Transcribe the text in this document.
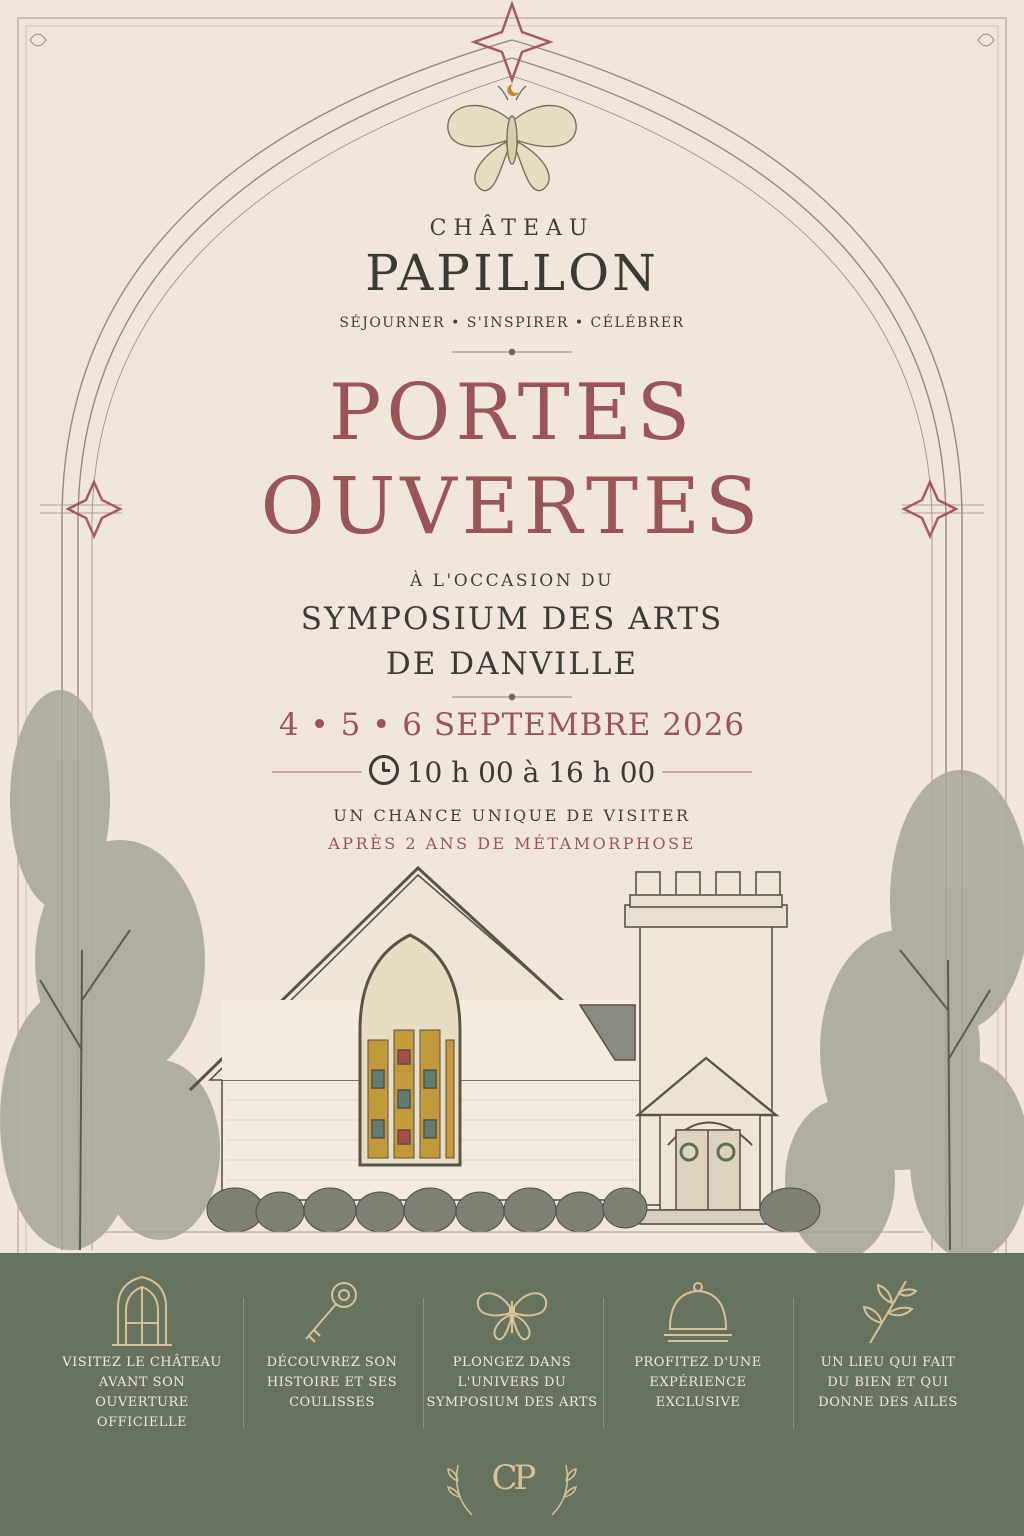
CHÂTEAU
PAPILLON
SÉJOURNER • S'INSPIRER • CÉLÉBRER
PORTES
OUVERTES
À L'OCCASION DU
SYMPOSIUM DES ARTS
DE DANVILLE
4 • 5 • 6 SEPTEMBRE 2026
10 h 00 à 16 h 00
UN CHANCE UNIQUE DE VISITER
APRÈS 2 ANS DE MÉTAMORPHOSE
VISITEZ LE CHÂTEAU
AVANT SON
OUVERTURE OFFICIELLE
DÉCOUVREZ SON
HISTOIRE ET SES
COULISSES
PLONGEZ DANS
L'UNIVERS DU
SYMPOSIUM DES ARTS
PROFITEZ D'UNE
EXPÉRIENCE
EXCLUSIVE
UN LIEU QUI FAIT
DU BIEN ET QUI
DONNE DES AILES
CP
